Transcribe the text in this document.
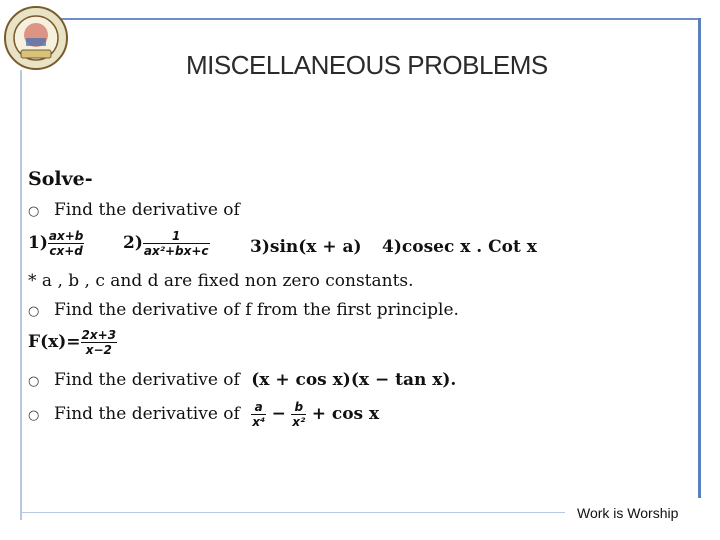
MISCELLANEOUS PROBLEMS
Solve-
○ Find the derivative of
$1) \frac{ax+b}{cx+d} 2) \frac{1}{\text{ax²+bx+c}} 3)\sin(x + a)$ 4)cosec x . Cot x
* a , b , c and d are fixed non zero constants.
○ Find the derivative of f from the first principle.
$F(x)= \frac{2x+3}{x-2}$
○ Find the derivative of (x + cos x)(x − tan x).
○ Find the derivative of $\frac{a}{\text{x⁴}} - \frac{b}{\text{x²}} + \cos x$
Work is Worship
